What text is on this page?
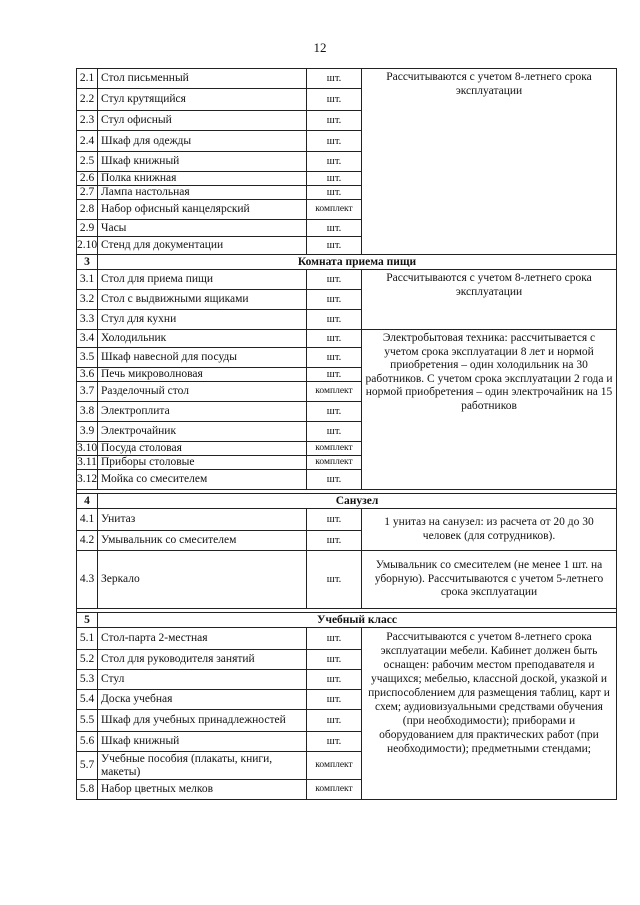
12
2.1	Стол письменный	шт.	Рассчитываются с учетом 8-летнего срока эксплуатации
2.2	Стул крутящийся	шт.	
2.3	Стул офисный	шт.	
2.4	Шкаф для одежды	шт.	
2.5	Шкаф книжный	шт.	
2.6	Полка книжная	шт.	
2.7	Лампа настольная	шт.	
2.8	Набор офисный канцелярский	комплект	
2.9	Часы	шт.	
2.10	Стенд для документации	шт.	
3	Комната приема пищи		
3.1	Стол для приема пищи	шт.	Рассчитываются с учетом 8-летнего срока эксплуатации
3.2	Стол с выдвижными ящиками	шт.	
3.3	Стул для кухни	шт.	
3.4	Холодильник	шт.	Электробытовая техника: рассчитывается с учетом срока эксплуатации 8 лет и нормой приобретения – один холодильник на 30 работников. С учетом срока эксплуатации 2 года и нормой приобретения – один электрочайник на 15 работников
3.5	Шкаф навесной для посуды	шт.	
3.6	Печь микроволновая	шт.	
3.7	Разделочный стол	комплект	
3.8	Электроплита	шт.	
3.9	Электрочайник	шт.	
3.10	Посуда столовая	комплект	
3.11	Приборы столовые	комплект	
3.12	Мойка со смесителем	шт.	

4	Санузел		
4.1	Унитаз	шт.	1 унитаз на санузел: из расчета от 20 до 30 человек (для сотрудников).
4.2	Умывальник со смесителем	шт.	
4.3	Зеркало	шт.	Умывальник со смесителем (не менее 1 шт. на уборную). Рассчитываются с учетом 5-летнего срока эксплуатации

5	Учебный класс		
5.1	Стол-парта 2-местная	шт.	Рассчитываются с учетом 8-летнего срока эксплуатации мебели. Кабинет должен быть оснащен: рабочим местом преподавателя и учащихся; мебелью, классной доской, указкой и приспособлением для размещения таблиц, карт и схем; аудиовизуальными средствами обучения (при необходимости); приборами и оборудованием для практических работ (при необходимости); предметными стендами;
5.2	Стол для руководителя занятий	шт.	
5.3	Стул	шт.	
5.4	Доска учебная	шт.	
5.5	Шкаф для учебных принадлежностей	шт.	
5.6	Шкаф книжный	шт.	
5.7	Учебные пособия (плакаты, книги, макеты)	комплект	
5.8	Набор цветных мелков	комплект	
